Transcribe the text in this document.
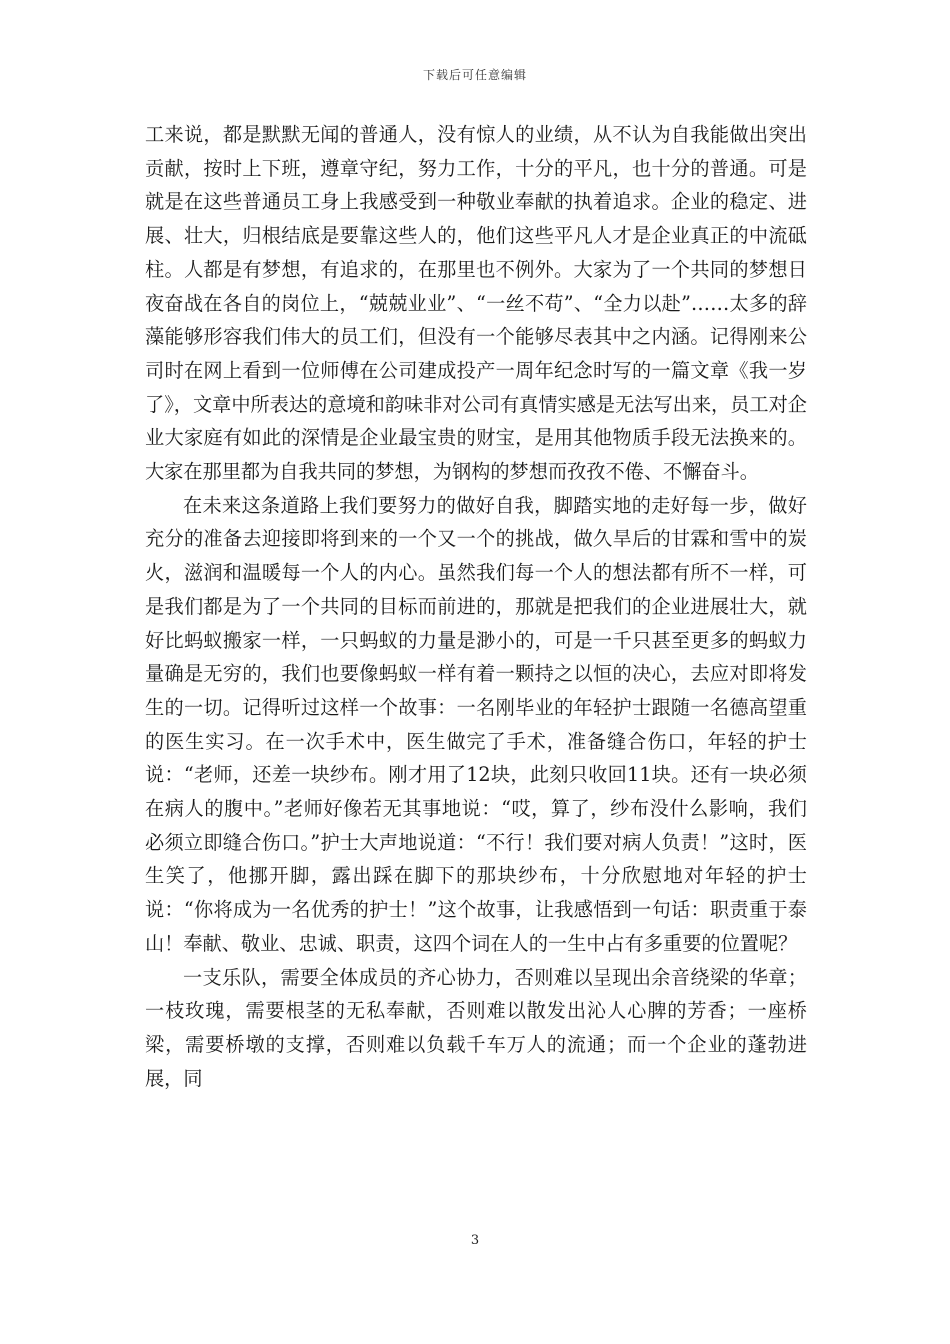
下载后可任意编辑

工来说，都是默默无闻的普通人，没有惊人的业绩，从不认为自我能做出突出贡献，按时上下班，遵章守纪，努力工作，十分的平凡，也十分的普通。可是就是在这些普通员工身上我感受到一种敬业奉献的执着追求。企业的稳定、进展、壮大，归根结底是要靠这些人的，他们这些平凡人才是企业真正的中流砥柱。人都是有梦想，有追求的，在那里也不例外。大家为了一个共同的梦想日夜奋战在各自的岗位上，“兢兢业业”、“一丝不苟”、“全力以赴”……太多的辞藻能够形容我们伟大的员工们，但没有一个能够尽表其中之内涵。记得刚来公司时在网上看到一位师傅在公司建成投产一周年纪念时写的一篇文章《我一岁了》，文章中所表达的意境和韵味非对公司有真情实感是无法写出来，员工对企业大家庭有如此的深情是企业最宝贵的财宝，是用其他物质手段无法换来的。大家在那里都为自我共同的梦想，为钢构的梦想而孜孜不倦、不懈奋斗。

在未来这条道路上我们要努力的做好自我，脚踏实地的走好每一步，做好充分的准备去迎接即将到来的一个又一个的挑战，做久旱后的甘霖和雪中的炭火，滋润和温暖每一个人的内心。虽然我们每一个人的想法都有所不一样，可是我们都是为了一个共同的目标而前进的，那就是把我们的企业进展壮大，就好比蚂蚁搬家一样，一只蚂蚁的力量是渺小的，可是一千只甚至更多的蚂蚁力量确是无穷的，我们也要像蚂蚁一样有着一颗持之以恒的决心，去应对即将发生的一切。记得听过这样一个故事：一名刚毕业的年轻护士跟随一名德高望重的医生实习。在一次手术中，医生做完了手术，准备缝合伤口，年轻的护士说：“老师，还差一块纱布。刚才用了12块，此刻只收回11块。还有一块必须在病人的腹中。”老师好像若无其事地说：“哎，算了，纱布没什么影响，我们必须立即缝合伤口。”护士大声地说道：“不行！我们要对病人负责！”这时，医生笑了，他挪开脚，露出踩在脚下的那块纱布，十分欣慰地对年轻的护士说：“你将成为一名优秀的护士！”这个故事，让我感悟到一句话：职责重于泰山！奉献、敬业、忠诚、职责，这四个词在人的一生中占有多重要的位置呢？

一支乐队，需要全体成员的齐心协力，否则难以呈现出余音绕梁的华章；一枝玫瑰，需要根茎的无私奉献，否则难以散发出沁人心脾的芳香；一座桥梁，需要桥墩的支撑，否则难以负载千车万人的流通；而一个企业的蓬勃进展，同

3
